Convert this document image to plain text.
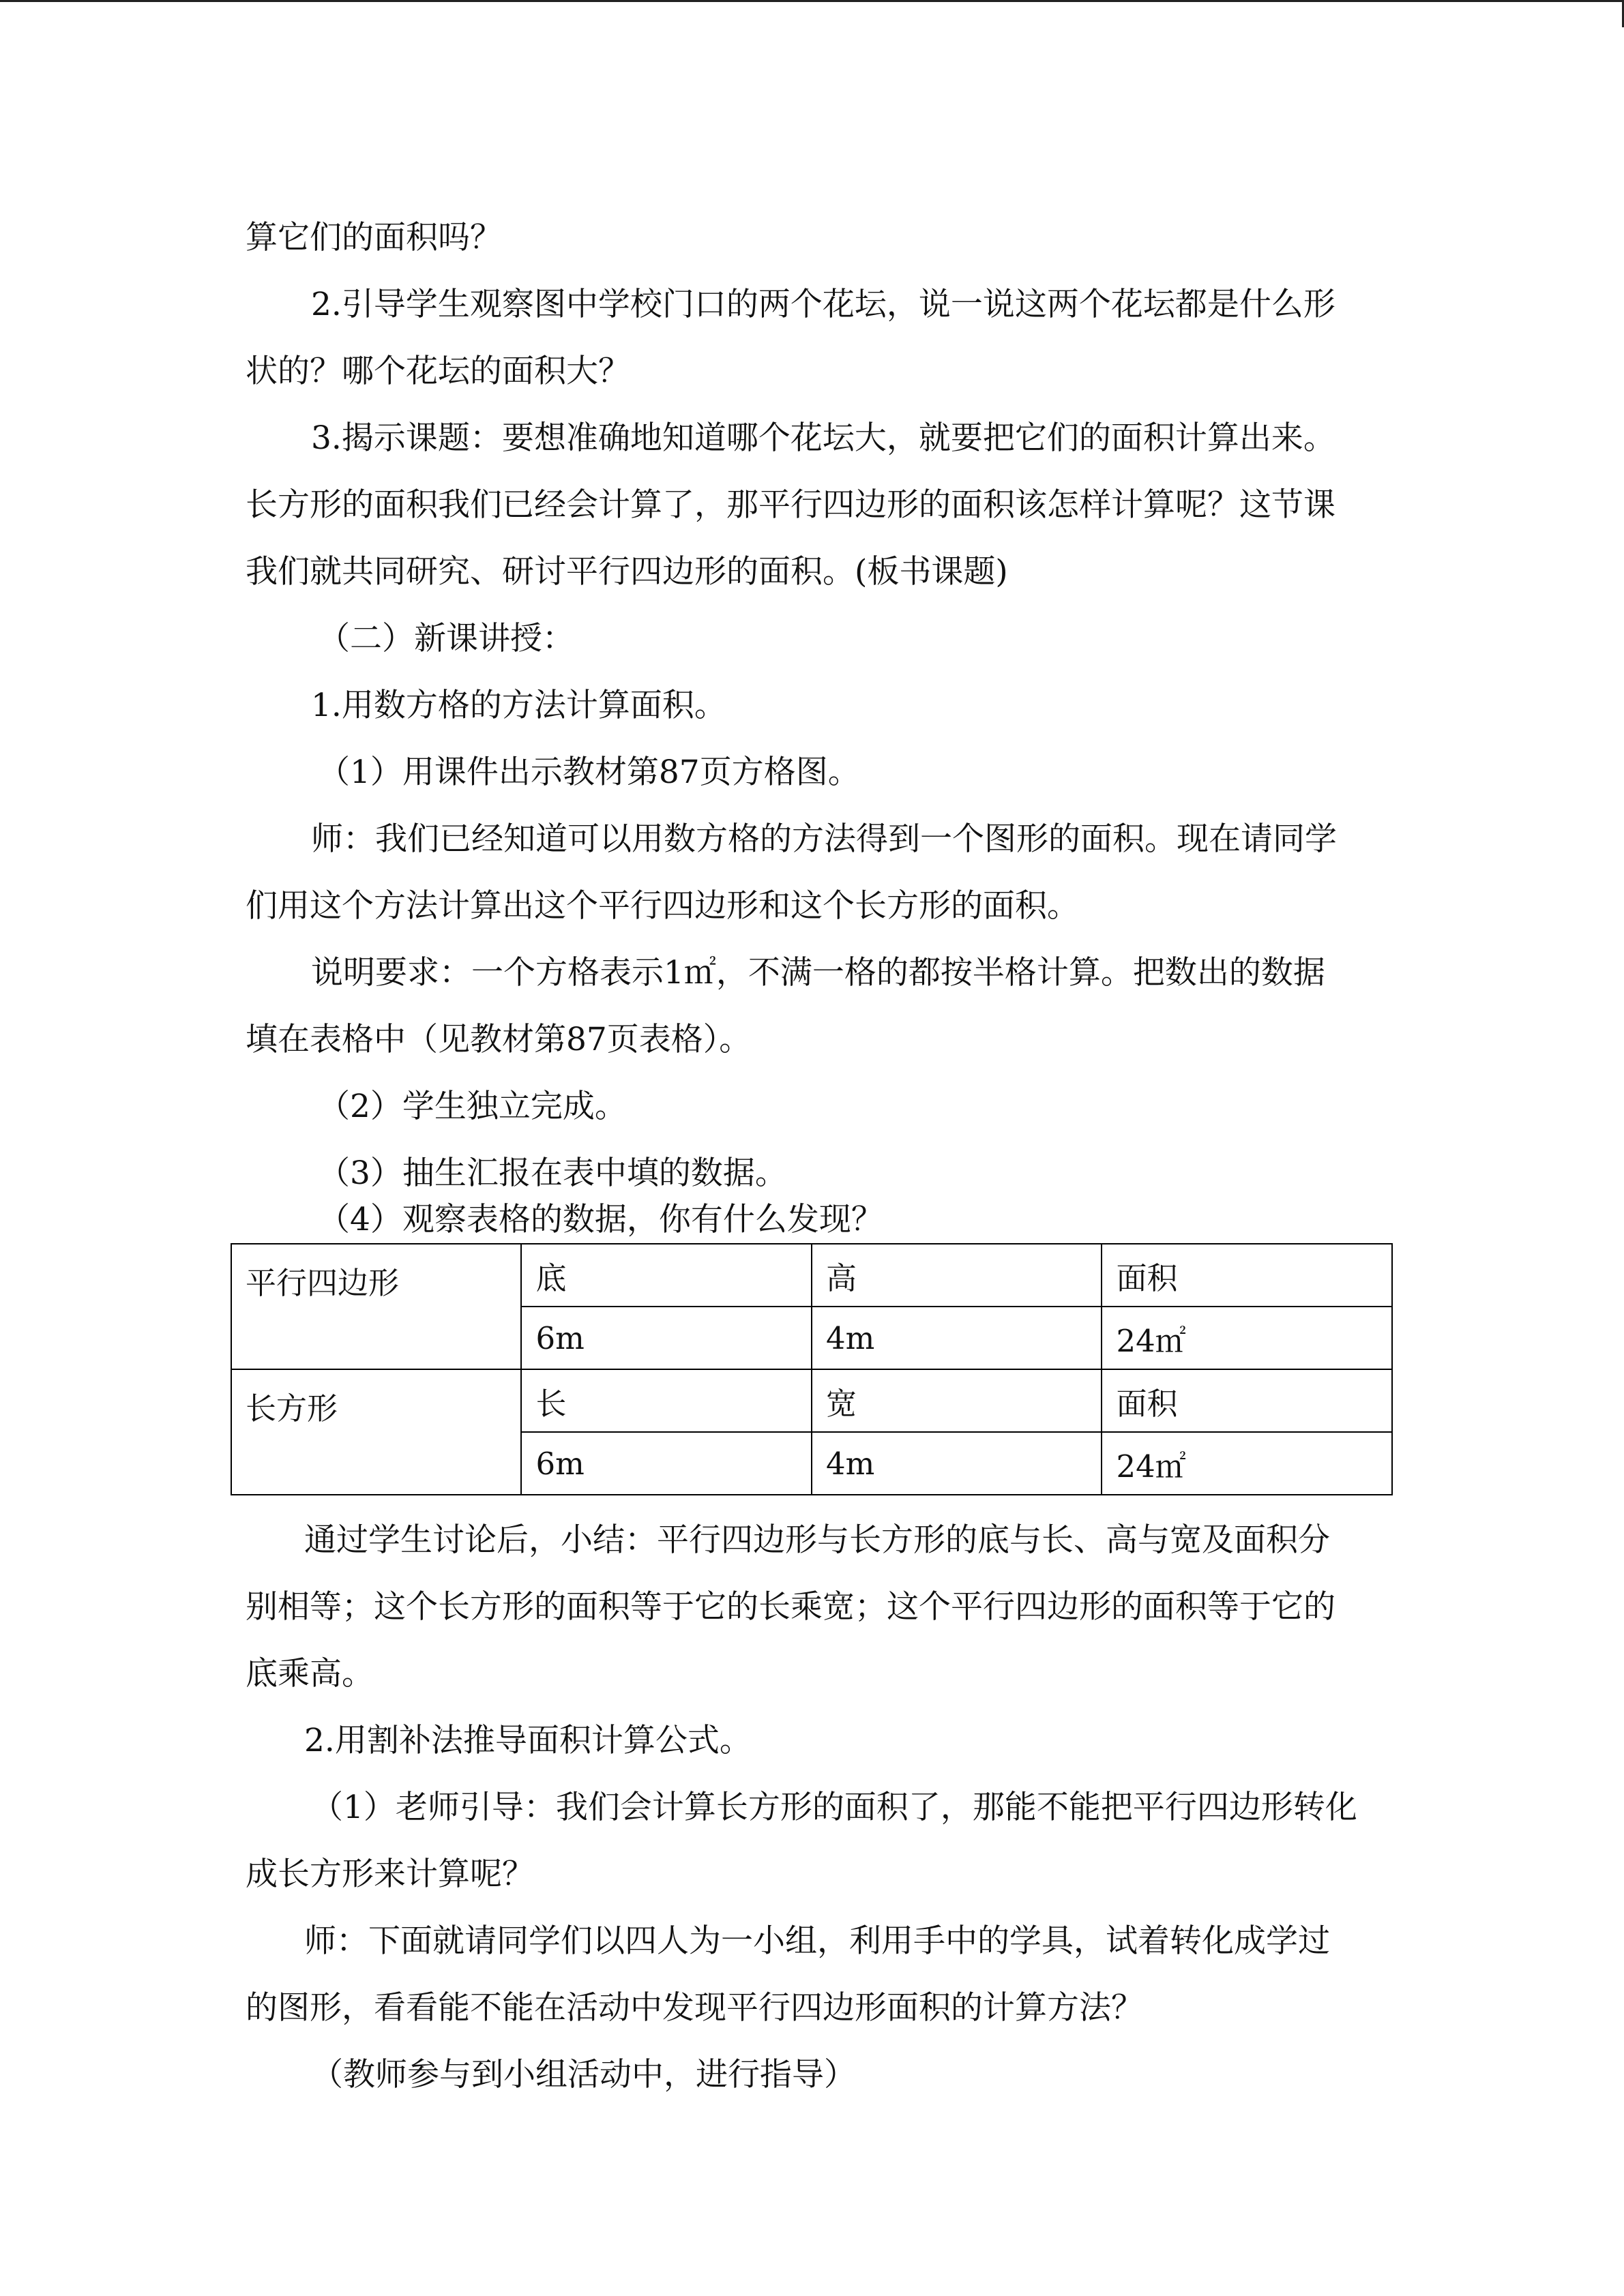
算它们的面积吗？

2.引导学生观察图中学校门口的两个花坛，说一说这两个花坛都是什么形

状的？哪个花坛的面积大？

3.揭示课题：要想准确地知道哪个花坛大，就要把它们的面积计算出来。

长方形的面积我们已经会计算了，那平行四边形的面积该怎样计算呢？这节课

我们就共同研究、研讨平行四边形的面积。(板书课题)

（二）新课讲授：

1.用数方格的方法计算面积。

（1）用课件出示教材第87页方格图。

师：我们已经知道可以用数方格的方法得到一个图形的面积。现在请同学

们用这个方法计算出这个平行四边形和这个长方形的面积。

说明要求：一个方格表示1㎡，不满一格的都按半格计算。把数出的数据

填在表格中（见教材第87页表格）。

（2）学生独立完成。

（3）抽生汇报在表中填的数据。

（4）观察表格的数据，你有什么发现？

平行四边形	底	高	面积
	6m	4m	24㎡
长方形	长	宽	面积
	6m	4m	24㎡

通过学生讨论后，小结：平行四边形与长方形的底与长、高与宽及面积分

别相等；这个长方形的面积等于它的长乘宽；这个平行四边形的面积等于它的

底乘高。

2.用割补法推导面积计算公式。

（1）老师引导：我们会计算长方形的面积了，那能不能把平行四边形转化

成长方形来计算呢？

师：下面就请同学们以四人为一小组，利用手中的学具，试着转化成学过

的图形，看看能不能在活动中发现平行四边形面积的计算方法？

（教师参与到小组活动中，进行指导）
